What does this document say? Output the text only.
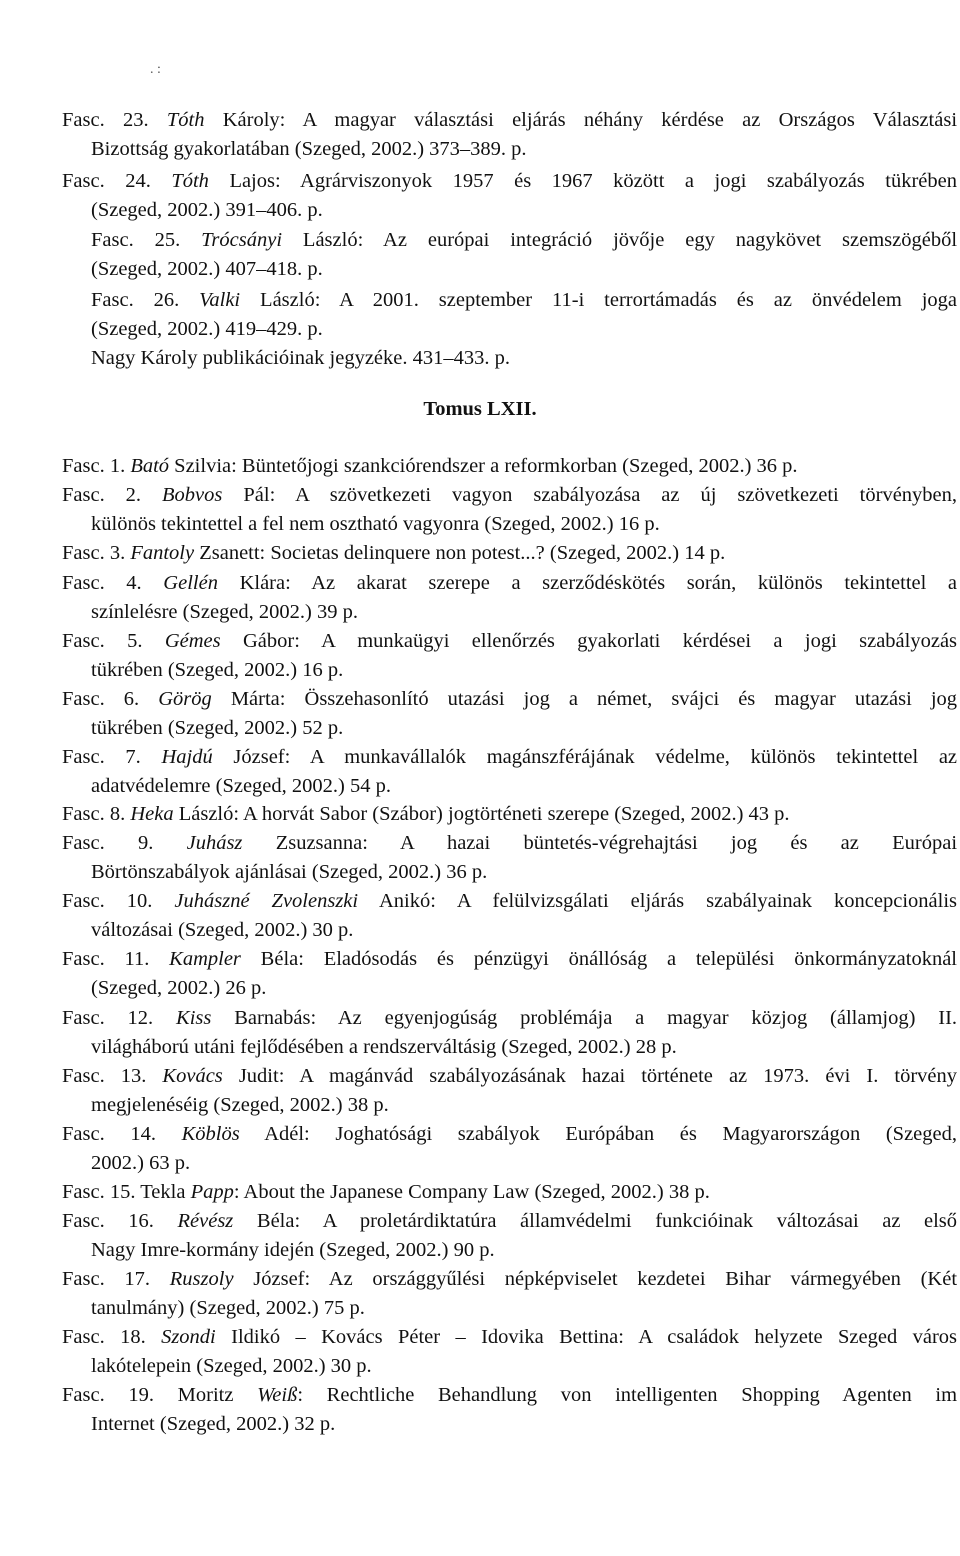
. :
Fasc. 23. Tóth Károly: A magyar választási eljárás néhány kérdése az Országos Választási
Bizottság gyakorlatában (Szeged, 2002.) 373–389. p.
Fasc. 24. Tóth Lajos: Agrárviszonyok 1957 és 1967 között a jogi szabályozás tükrében
(Szeged, 2002.) 391–406. p.
Fasc. 25. Trócsányi László: Az európai integráció jövője egy nagykövet szemszögéből
(Szeged, 2002.) 407–418. p.
Fasc. 26. Valki László: A 2001. szeptember 11-i terrortámadás és az önvédelem joga
(Szeged, 2002.) 419–429. p.
Nagy Károly publikációinak jegyzéke. 431–433. p.
Tomus LXII.
Fasc. 1. Bató Szilvia: Büntetőjogi szankciórendszer a reformkorban (Szeged, 2002.) 36 p.
Fasc. 2. Bobvos Pál: A szövetkezeti vagyon szabályozása az új szövetkezeti törvényben,
különös tekintettel a fel nem osztható vagyonra (Szeged, 2002.) 16 p.
Fasc. 3. Fantoly Zsanett: Societas delinquere non potest...? (Szeged, 2002.) 14 p.
Fasc. 4. Gellén Klára: Az akarat szerepe a szerződéskötés során, különös tekintettel a
színlelésre (Szeged, 2002.) 39 p.
Fasc. 5. Gémes Gábor: A munkaügyi ellenőrzés gyakorlati kérdései a jogi szabályozás
tükrében (Szeged, 2002.) 16 p.
Fasc. 6. Görög Márta: Összehasonlító utazási jog a német, svájci és magyar utazási jog
tükrében (Szeged, 2002.) 52 p.
Fasc. 7. Hajdú József: A munkavállalók magánszférájának védelme, különös tekintettel az
adatvédelemre (Szeged, 2002.) 54 p.
Fasc. 8. Heka László: A horvát Sabor (Szábor) jogtörténeti szerepe (Szeged, 2002.) 43 p.
Fasc. 9. Juhász Zsuzsanna: A hazai büntetés-végrehajtási jog és az Európai
Börtönszabályok ajánlásai (Szeged, 2002.) 36 p.
Fasc. 10. Juhászné Zvolenszki Anikó: A felülvizsgálati eljárás szabályainak koncepcionális
változásai (Szeged, 2002.) 30 p.
Fasc. 11. Kampler Béla: Eladósodás és pénzügyi önállóság a települési önkormányzatoknál
(Szeged, 2002.) 26 p.
Fasc. 12. Kiss Barnabás: Az egyenjogúság problémája a magyar közjog (államjog) II.
világháború utáni fejlődésében a rendszerváltásig (Szeged, 2002.) 28 p.
Fasc. 13. Kovács Judit: A magánvád szabályozásának hazai története az 1973. évi I. törvény
megjelenéséig (Szeged, 2002.) 38 p.
Fasc. 14. Köblös Adél: Joghatósági szabályok Európában és Magyarországon (Szeged,
2002.) 63 p.
Fasc. 15. Tekla Papp: About the Japanese Company Law (Szeged, 2002.) 38 p.
Fasc. 16. Révész Béla: A proletárdiktatúra államvédelmi funkcióinak változásai az első
Nagy Imre-kormány idején (Szeged, 2002.) 90 p.
Fasc. 17. Ruszoly József: Az országgyűlési népképviselet kezdetei Bihar vármegyében (Két
tanulmány) (Szeged, 2002.) 75 p.
Fasc. 18. Szondi Ildikó – Kovács Péter – Idovika Bettina: A családok helyzete Szeged város
lakótelepein (Szeged, 2002.) 30 p.
Fasc. 19. Moritz Weiß: Rechtliche Behandlung von intelligenten Shopping Agenten im
Internet (Szeged, 2002.) 32 p.
